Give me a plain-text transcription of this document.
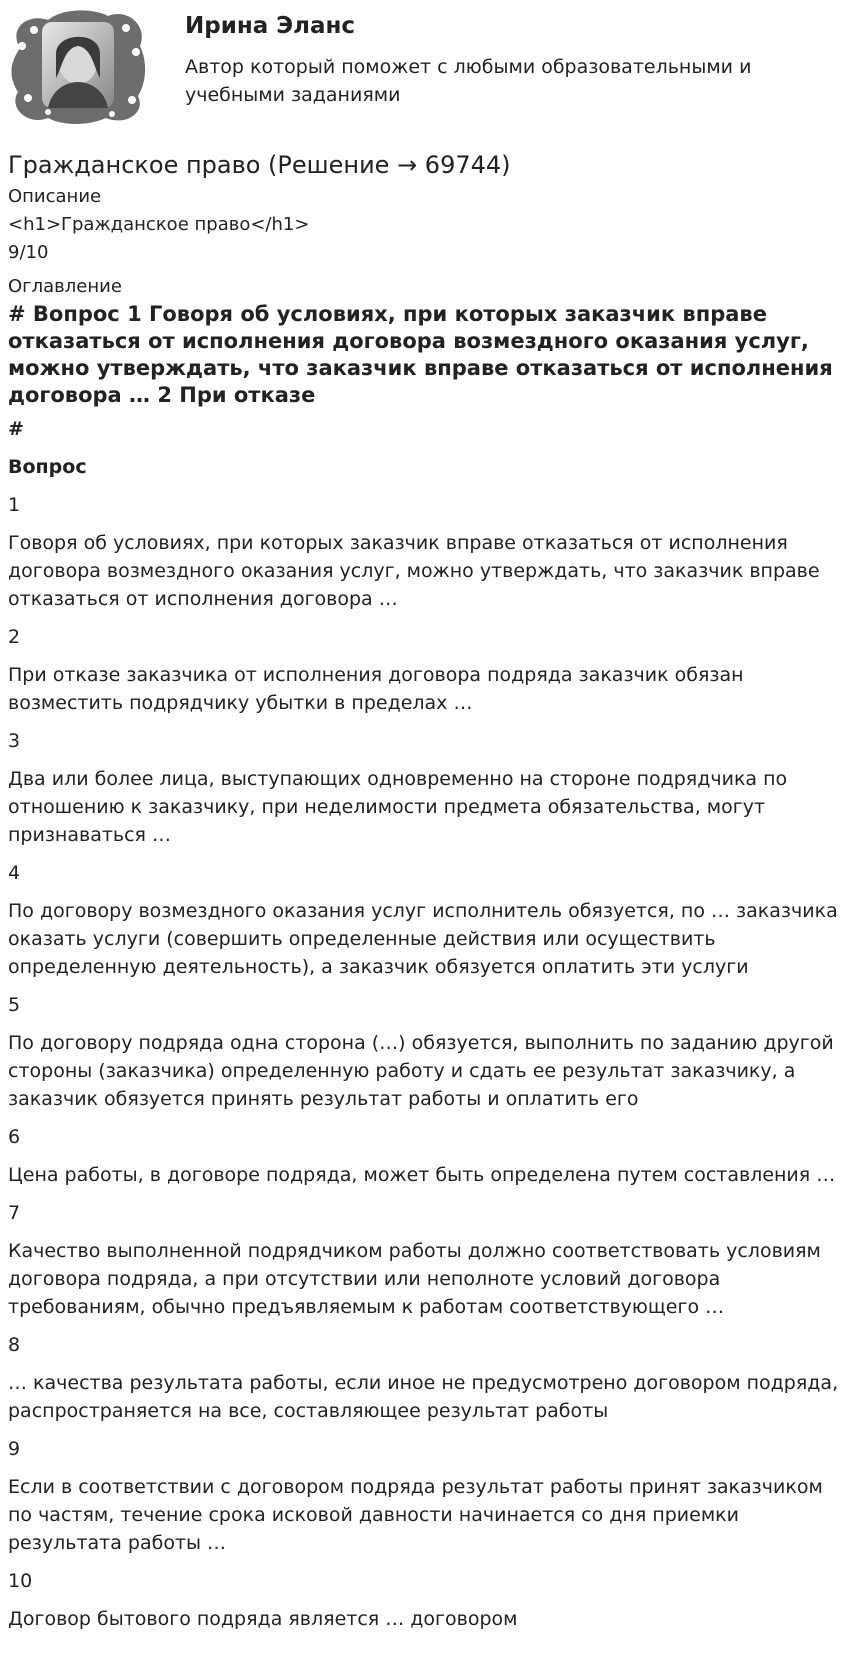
Ирина Эланс
Автор который поможет с любыми образовательными и учебными заданиями
Гражданское право (Решение → 69744)

Описание

<h1>Гражданское право</h1>

9/10

Оглавление

# Вопрос 1 Говоря об условиях, при которых заказчик вправе отказаться от исполнения договора возмездного оказания услуг, можно утверждать, что заказчик вправе отказаться от исполнения договора … 2 При отказе

#

Вопрос

1

Говоря об условиях, при которых заказчик вправе отказаться от исполнения договора возмездного оказания услуг, можно утверждать, что заказчик вправе отказаться от исполнения договора …

2

При отказе заказчика от исполнения договора подряда заказчик обязан возместить подрядчику убытки в пределах …

3

Два или более лица, выступающих одновременно на стороне подрядчика по отношению к заказчику, при неделимости предмета обязательства, могут признаваться …

4

По договору возмездного оказания услуг исполнитель обязуется, по … заказчика оказать услуги (совершить определенные действия или осуществить определенную деятельность), а заказчик обязуется оплатить эти услуги

5

По договору подряда одна сторона (…) обязуется, выполнить по заданию другой стороны (заказчика) определенную работу и сдать ее результат заказчику, а заказчик обязуется принять результат работы и оплатить его

6

Цена работы, в договоре подряда, может быть определена путем составления …

7

Качество выполненной подрядчиком работы должно соответствовать условиям договора подряда, а при отсутствии или неполноте условий договора требованиям, обычно предъявляемым к работам соответствующего …

8

… качества результата работы, если иное не предусмотрено договором подряда, распространяется на все, составляющее результат работы

9

Если в соответствии с договором подряда результат работы принят заказчиком по частям, течение срока исковой давности начинается со дня приемки результата работы …

10

Договор бытового подряда является … договором
